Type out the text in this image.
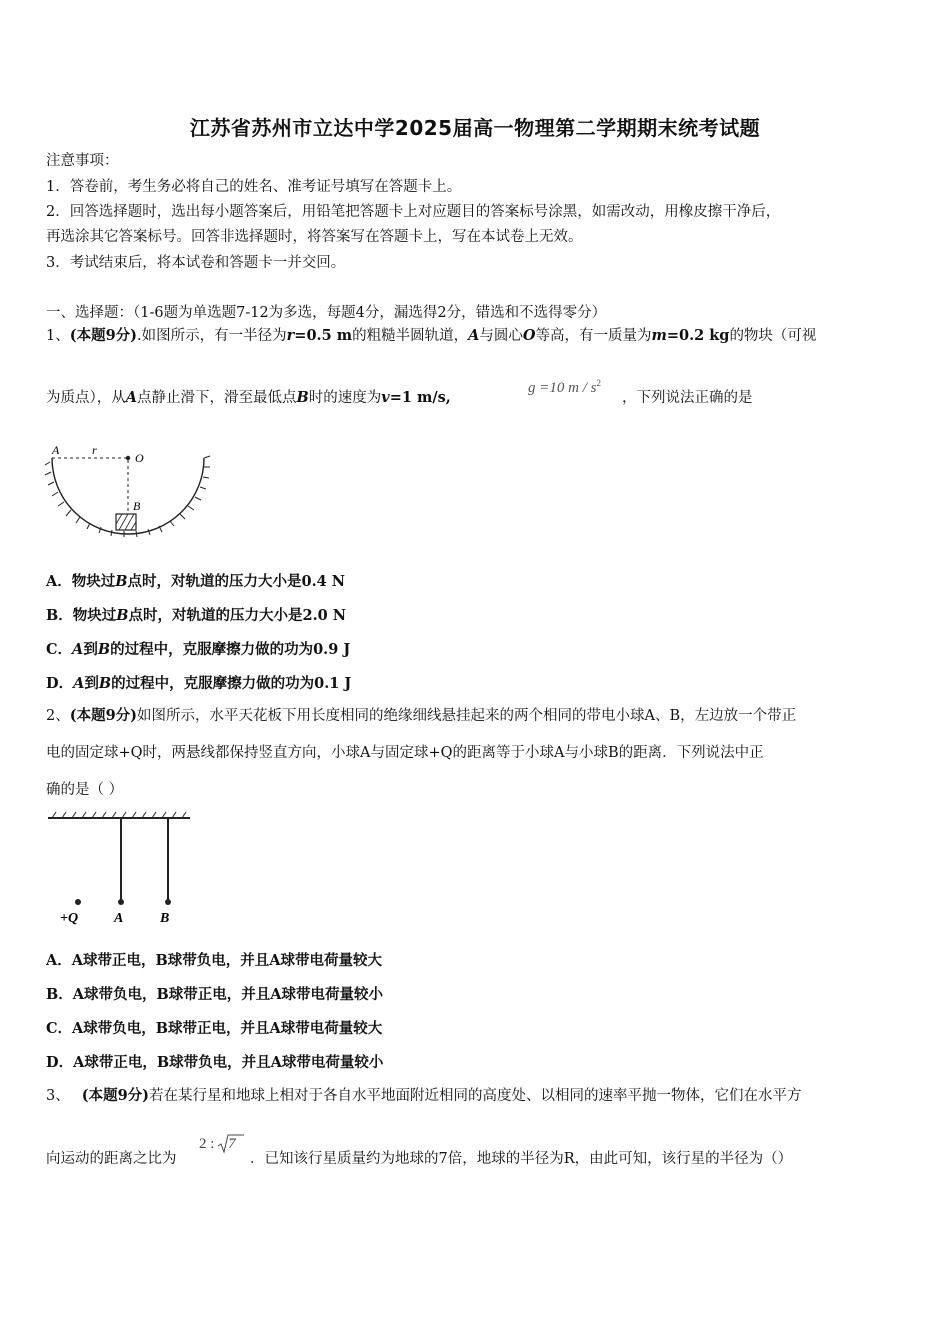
江苏省苏州市立达中学2025届高一物理第二学期期末统考试题
注意事项：
1．答卷前，考生务必将自己的姓名、准考证号填写在答题卡上。
2．回答选择题时，选出每小题答案后，用铅笔把答题卡上对应题目的答案标号涂黑，如需改动，用橡皮擦干净后，
再选涂其它答案标号。回答非选择题时，将答案写在答题卡上，写在本试卷上无效。
3．考试结束后，将本试卷和答题卡一并交回。
一、选择题：（1-6题为单选题7-12为多选，每题4分，漏选得2分，错选和不选得零分）
1、(本题9分).如图所示，有一半径为r=0.5 m的粗糙半圆轨道，A与圆心O等高，有一质量为m=0.2 kg的物块（可视
为质点），从A点静止滑下，滑至最低点B时的速度为v=1 m/s,
g =10 m / $s^2$
，下列说法正确的是
A	r
O
B
A．物块过B点时，对轨道的压力大小是0.4 N
B．物块过B点时，对轨道的压力大小是2.0 N
C．A到B的过程中，克服摩擦力做的功为0.9 J
D．A到B的过程中，克服摩擦力做的功为0.1 J
2、(本题9分)如图所示，水平天花板下用长度相同的绝缘细线悬挂起来的两个相同的带电小球A、B，左边放一个带正
电的固定球+Q时，两悬线都保持竖直方向，小球A与固定球+Q的距离等于小球A与小球B的距离．下列说法中正
确的是（ ）
+Q	A	B
A．A球带正电，B球带负电，并且A球带电荷量较大
B．A球带负电，B球带正电，并且A球带电荷量较小
C．A球带负电，B球带正电，并且A球带电荷量较大
D．A球带正电，B球带负电，并且A球带电荷量较小
3、 (本题9分)若在某行星和地球上相对于各自水平地面附近相同的高度处、以相同的速率平抛一物体，它们在水平方
向运动的距离之比为
2 : 7
．已知该行星质量约为地球的7倍，地球的半径为R，由此可知，该行星的半径为（）
